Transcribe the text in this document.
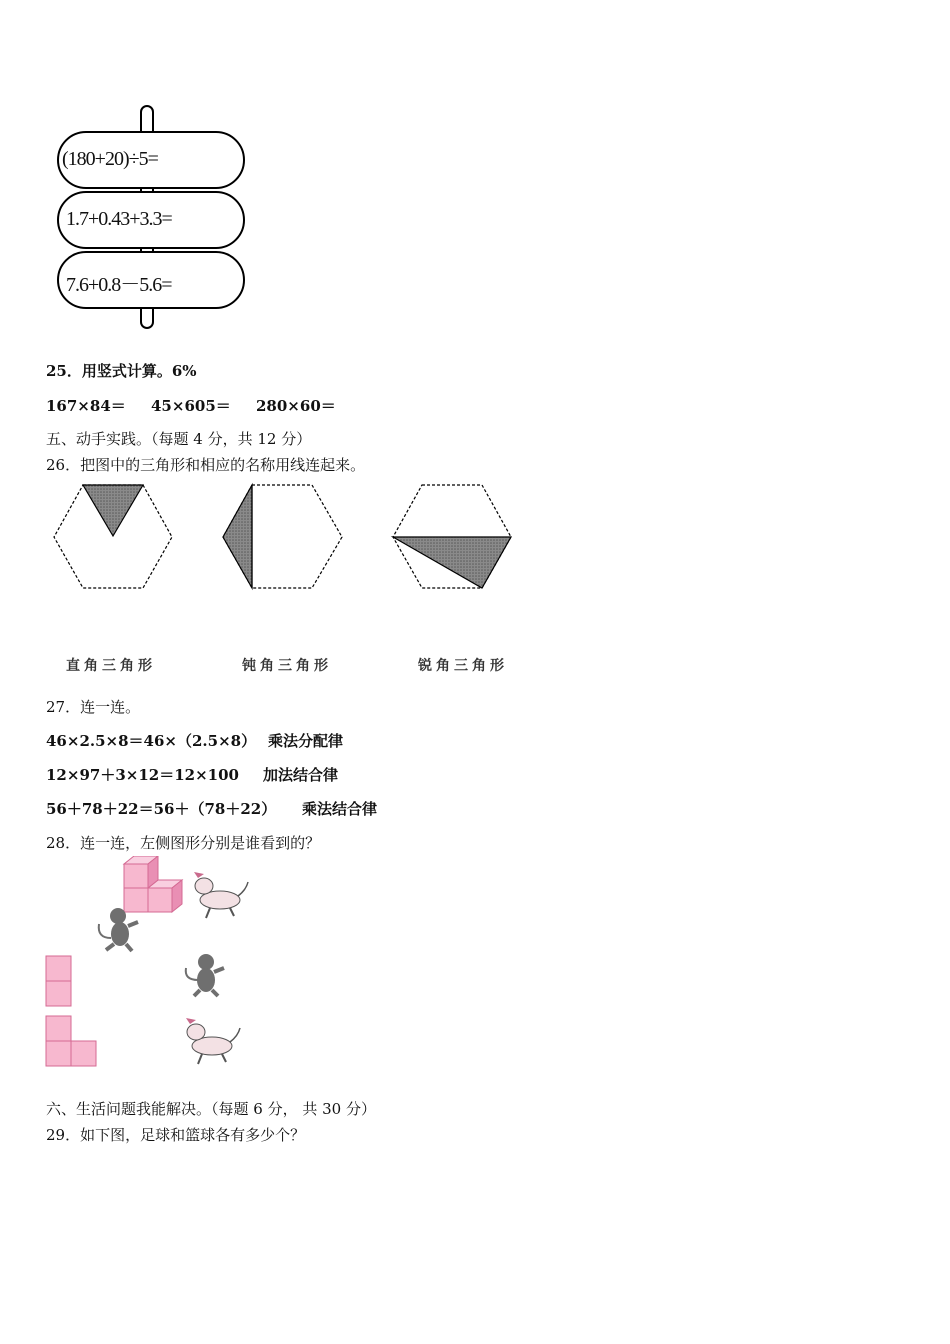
(180+20)÷5=
1.7+0.43+3.3=
7.6+0.8－5.6=
25．用竖式计算。6%
167×84＝ 45×605＝ 280×60＝
五、动手实践。（每题 4 分，共 12 分）
26．把图中的三角形和相应的名称用线连起来。
直角三角形	钝角三角形	锐角三角形
27．连一连。
46×2.5×8＝46×（2.5×8） 乘法分配律
12×97＋3×12＝12×100 加法结合律
56＋78＋22＝56＋（78＋22） 乘法结合律
28．连一连，左侧图形分别是谁看到的？
六、生活问题我能解决。（每题 6 分， 共 30 分）
29．如下图，足球和篮球各有多少个？
